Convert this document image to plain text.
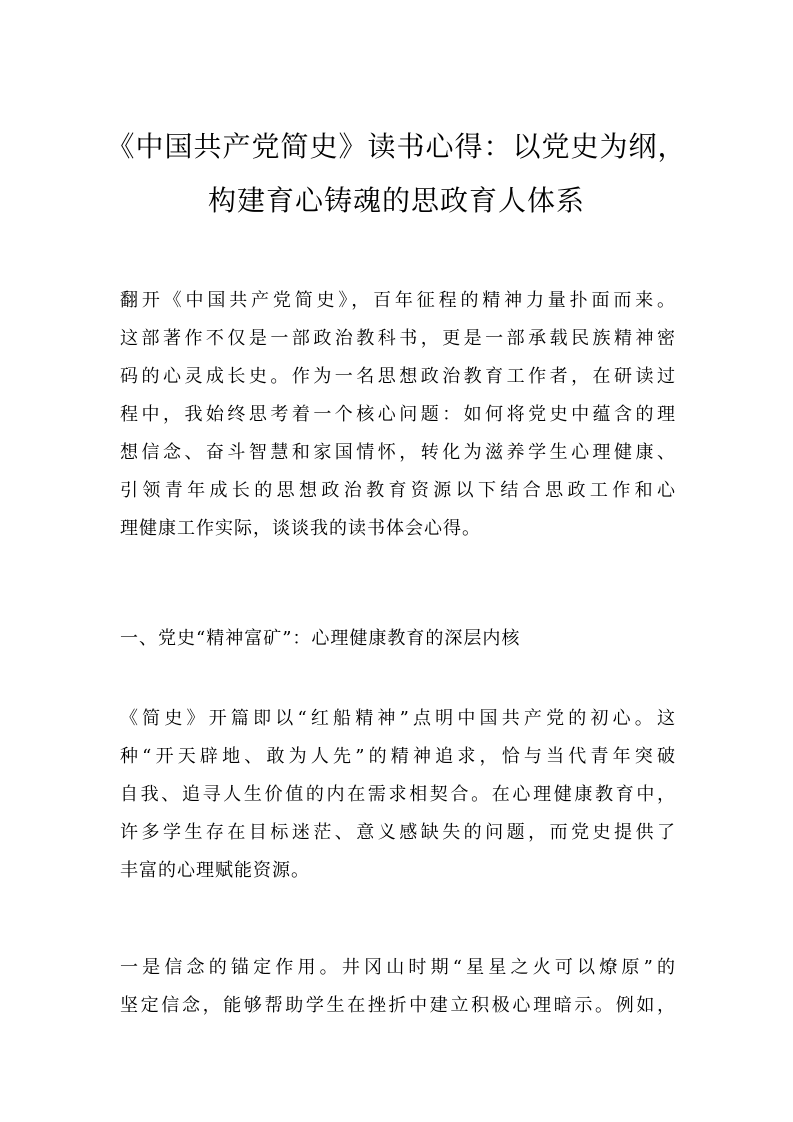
《中国共产党简史》读书心得：以党史为纲，
构建育心铸魂的思政育人体系

翻开《中国共产党简史》，百年征程的精神力量扑面而来。
这部著作不仅是一部政治教科书，更是一部承载民族精神密
码的心灵成长史。作为一名思想政治教育工作者，在研读过
程中，我始终思考着一个核心问题：如何将党史中蕴含的理
想信念、奋斗智慧和家国情怀，转化为滋养学生心理健康、
引领青年成长的思想政治教育资源以下结合思政工作和心
理健康工作实际，谈谈我的读书体会心得。

一、党史“精神富矿”：心理健康教育的深层内核

《简史》开篇即以“红船精神”点明中国共产党的初心。这
种“开天辟地、敢为人先”的精神追求，恰与当代青年突破
自我、追寻人生价值的内在需求相契合。在心理健康教育中，
许多学生存在目标迷茫、意义感缺失的问题，而党史提供了
丰富的心理赋能资源。

一是信念的锚定作用。井冈山时期“星星之火可以燎原”的
坚定信念，能够帮助学生在挫折中建立积极心理暗示。例如，
